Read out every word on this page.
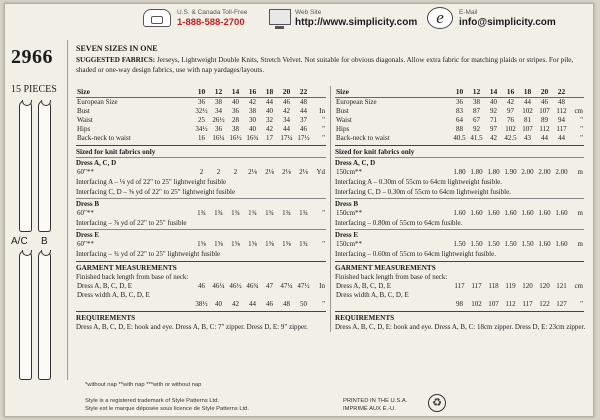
U.S. & Canada Toll-Free
1-888-588-2700
Web Site
http://www.simplicity.com	e	E-Mail
info@simplicity.com
2966
15 PIECES
A/C B
SEVEN SIZES IN ONE
SUGGESTED FABRICS: Jerseys, Lightweight Double Knits, Stretch Velvet. Not suitable for obvious diagonals. Allow extra fabric for matching plaids or stripes. For pile, shaded or one-way design fabrics, use with nap yardages/layouts.
Size	10	12	14	16	18	20	22	
European Size	36	38	40	42	44	46	48	
Bust	32½	34	36	38	40	42	44	In
Waist	25	26½	28	30	32	34	37	"
Hips	34½	36	38	40	42	44	46	"
Back-neck to waist	16	16¼	16½	16¾	17	17¼	17½	"
Sized for knit fabrics only
Dress A, C, D
60"**	2	2	2	2⅛	2⅛	2⅛	2⅛	Yd
Interfacing A – ⅛ yd of 22" to 25" lightweight fusible
Interfacing C, D – ⅜ yd of 22" to 25" lightweight fusible
Dress B
60"**	1¾	1¾	1¾	1¾	1¾	1¾	1¾	"
Interfacing – ⅞ yd of 22" to 25" fusible
Dress E
60"**	1⅝	1⅝	1⅝	1⅝	1⅝	1⅝	1¾	"
Interfacing – ¾ yd of 22" to 25" lightweight fusible
GARMENT MEASUREMENTS
Finished back length from base of neck:
Dress A, B, C, D, E	46	46¼	46½	46¾	47	47¼	47½	In
Dress width A, B, C, D, E								
	38½	40	42	44	46	48	50	"
REQUIREMENTS
Dress A, B, C, D, E: hook and eye. Dress A, B, C: 7" zipper. Dress D, E: 9" zipper.
Size	10	12	14	16	18	20	22	
European Size	36	38	40	42	44	46	48	
Bust	83	87	92	97	102	107	112	cm
Waist	64	67	71	76	81	89	94	"
Hips	88	92	97	102	107	112	117	"
Back-neck to waist	40.5	41.5	42	42.5	43	44	44	"
Sized for knit fabrics only
Dress A, C, D
150cm**	1.80	1.80	1.80	1.90	2.00	2.00	2.00	m
Interfacing A – 0.30m of 55cm to 64cm lightweight fusible.
Interfacing C, D – 0.30m of 55cm to 64cm lightweight fusible.
Dress B
150cm**	1.60	1.60	1.60	1.60	1.60	1.60	1.60	m
Interfacing – 0.80m of 55cm to 64cm fusible.
Dress E
150cm**	1.50	1.50	1.50	1.50	1.50	1.60	1.60	m
Interfacing – 0.60m of 55cm to 64cm lightweight fusible.
GARMENT MEASUREMENTS
Finished back length from base of neck:
Dress A, B, C, D, E	117	117	118	119	120	120	121	cm
Dress width A, B, C, D, E								
	98	102	107	112	117	122	127	"
REQUIREMENTS
Dress A, B, C, D, E: hook and eye. Dress A, B, C: 18cm zipper. Dress D, E: 23cm zipper.
*without nap **with nap ***with or without nap
Style is a registered trademark of Style Patterns Ltd.
Style est le marque déposée sous licence de Style Patterns Ltd.
PRINTED IN THE U.S.A.
IMPRIMÉ AUX É.-U.	♻
